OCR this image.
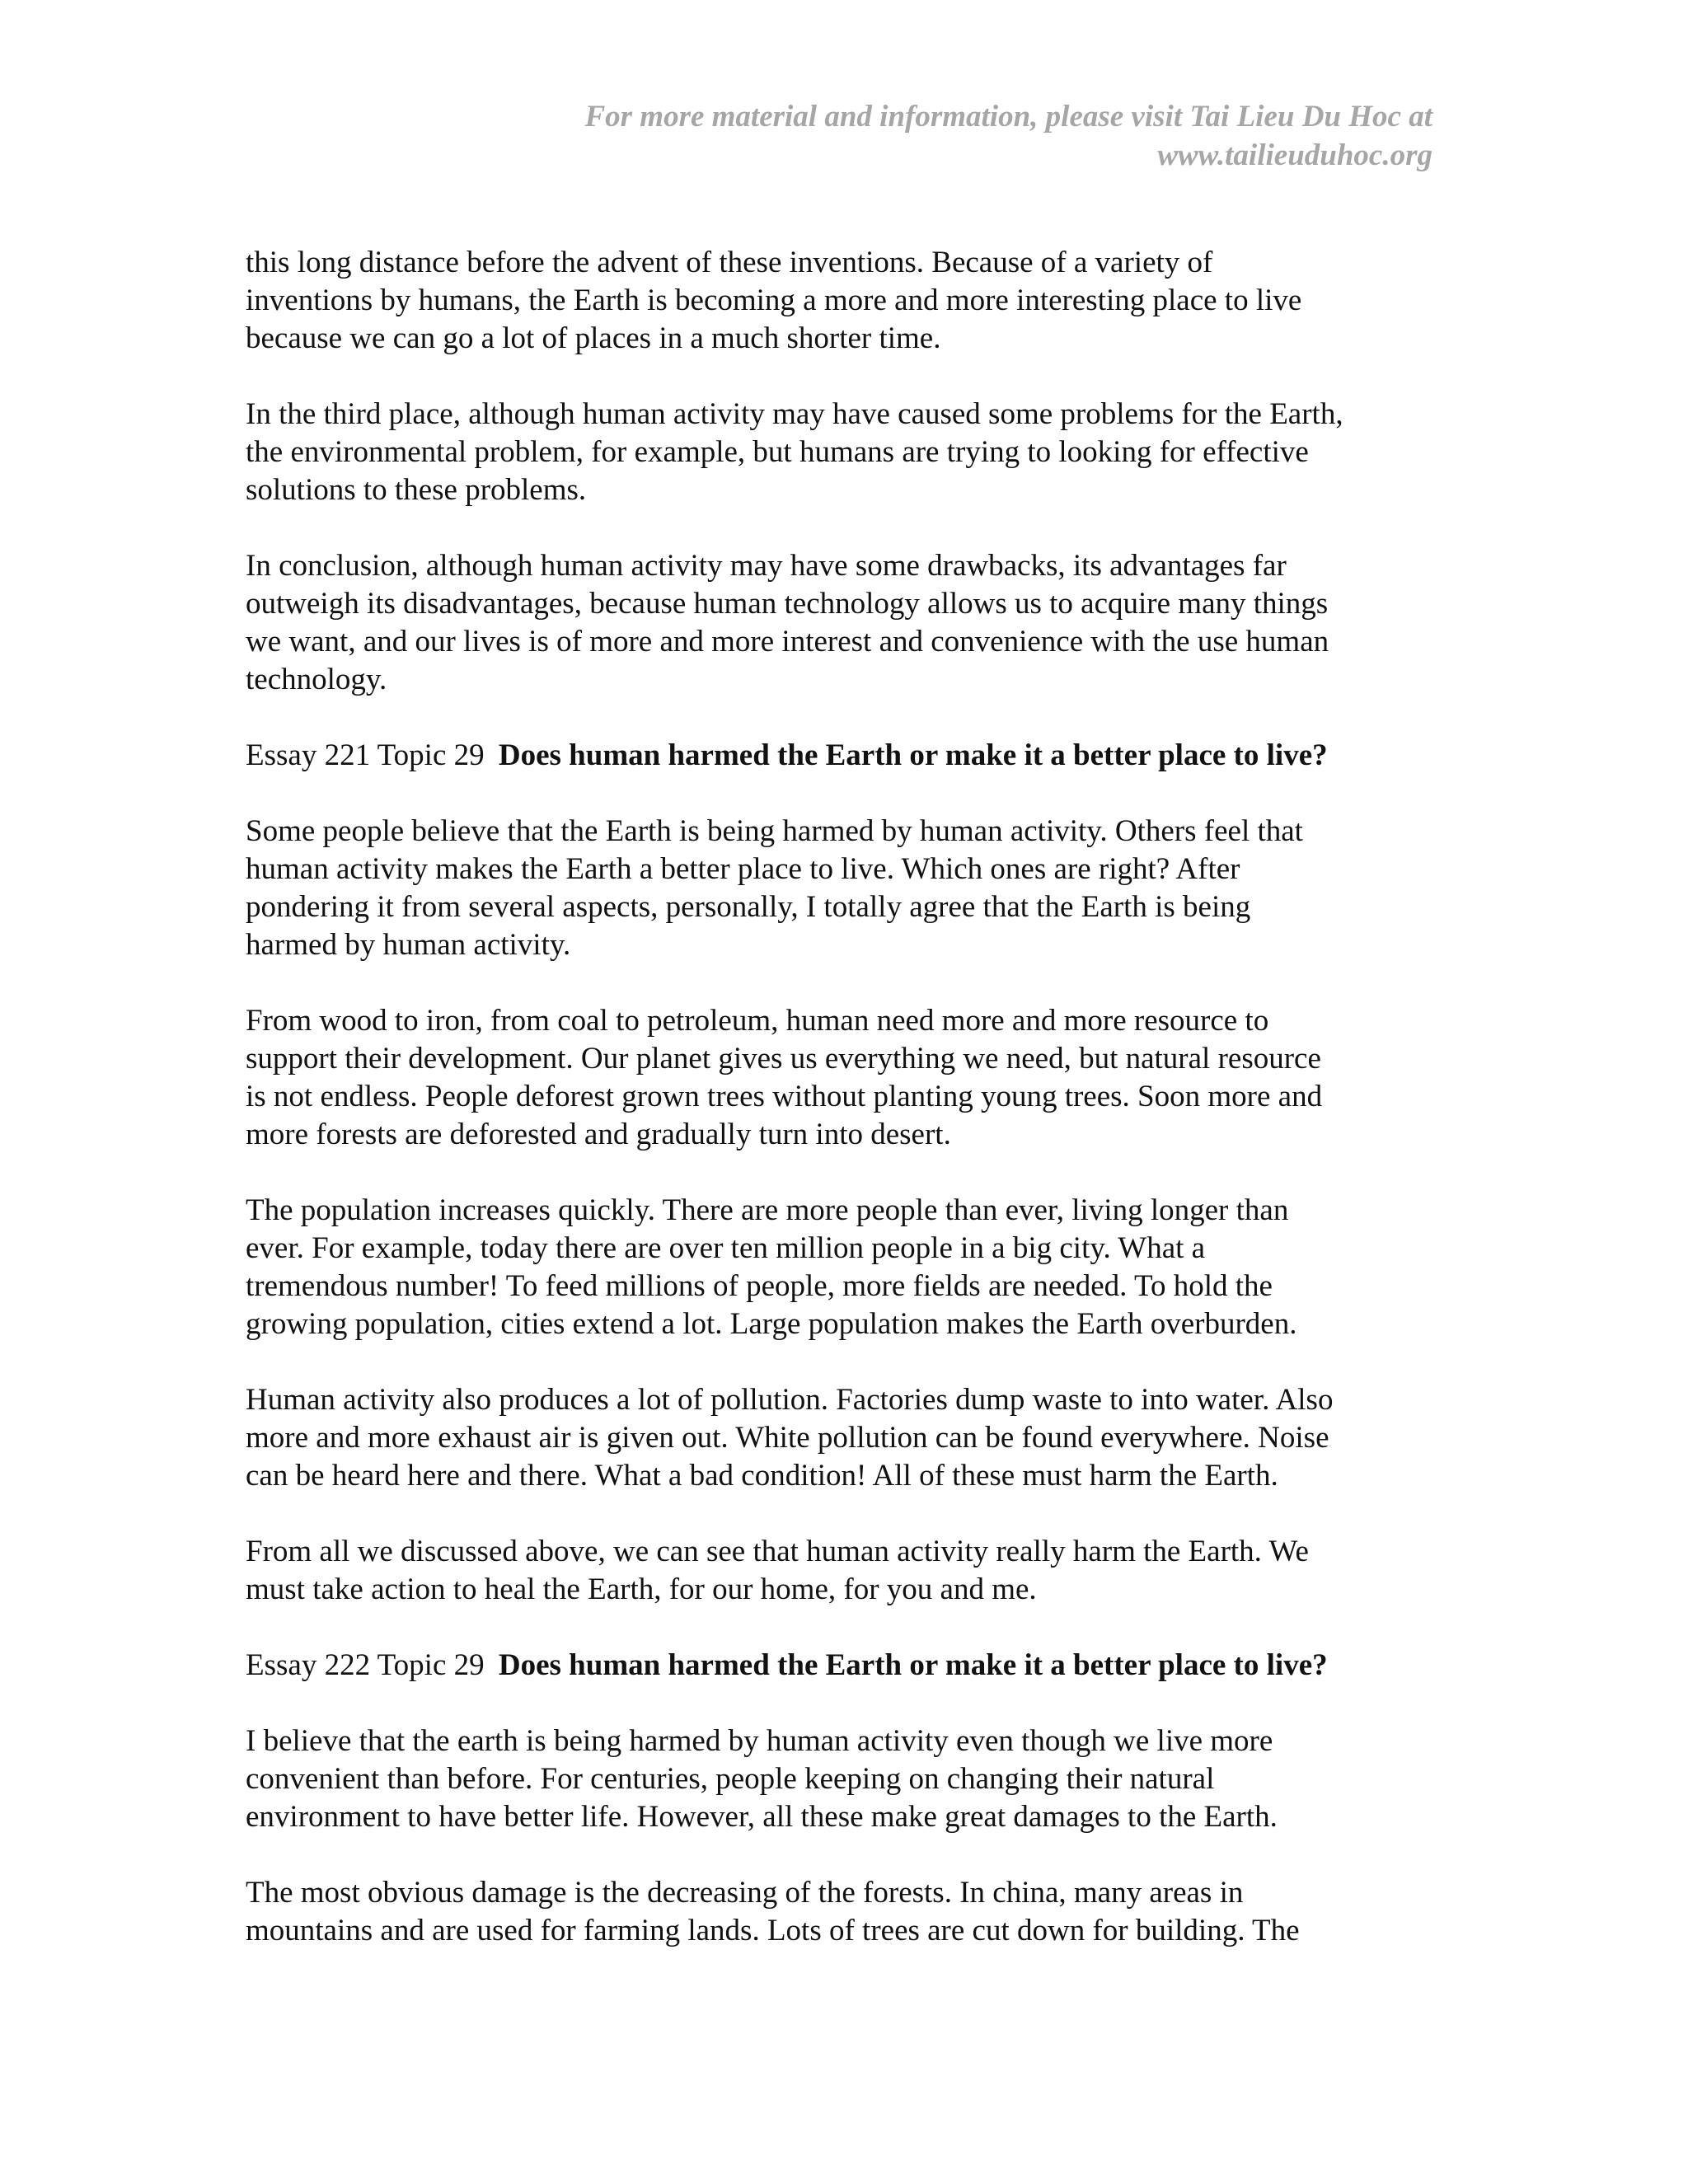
For more material and information, please visit Tai Lieu Du Hoc at
www.tailieuduhoc.org
this long distance before the advent of these inventions. Because of a variety of
inventions by humans, the Earth is becoming a more and more interesting place to live
because we can go a lot of places in a much shorter time.
In the third place, although human activity may have caused some problems for the Earth,
the environmental problem, for example, but humans are trying to looking for effective
solutions to these problems.
In conclusion, although human activity may have some drawbacks, its advantages far
outweigh its disadvantages, because human technology allows us to acquire many things
we want, and our lives is of more and more interest and convenience with the use human
technology.
Essay 221 Topic 29 Does human harmed the Earth or make it a better place to live?
Some people believe that the Earth is being harmed by human activity. Others feel that
human activity makes the Earth a better place to live. Which ones are right? After
pondering it from several aspects, personally, I totally agree that the Earth is being
harmed by human activity.
From wood to iron, from coal to petroleum, human need more and more resource to
support their development. Our planet gives us everything we need, but natural resource
is not endless. People deforest grown trees without planting young trees. Soon more and
more forests are deforested and gradually turn into desert.
The population increases quickly. There are more people than ever, living longer than
ever. For example, today there are over ten million people in a big city. What a
tremendous number! To feed millions of people, more fields are needed. To hold the
growing population, cities extend a lot. Large population makes the Earth overburden.
Human activity also produces a lot of pollution. Factories dump waste to into water. Also
more and more exhaust air is given out. White pollution can be found everywhere. Noise
can be heard here and there. What a bad condition! All of these must harm the Earth.
From all we discussed above, we can see that human activity really harm the Earth. We
must take action to heal the Earth, for our home, for you and me.
Essay 222 Topic 29 Does human harmed the Earth or make it a better place to live?
I believe that the earth is being harmed by human activity even though we live more
convenient than before. For centuries, people keeping on changing their natural
environment to have better life. However, all these make great damages to the Earth.
The most obvious damage is the decreasing of the forests. In china, many areas in
mountains and are used for farming lands. Lots of trees are cut down for building. The
